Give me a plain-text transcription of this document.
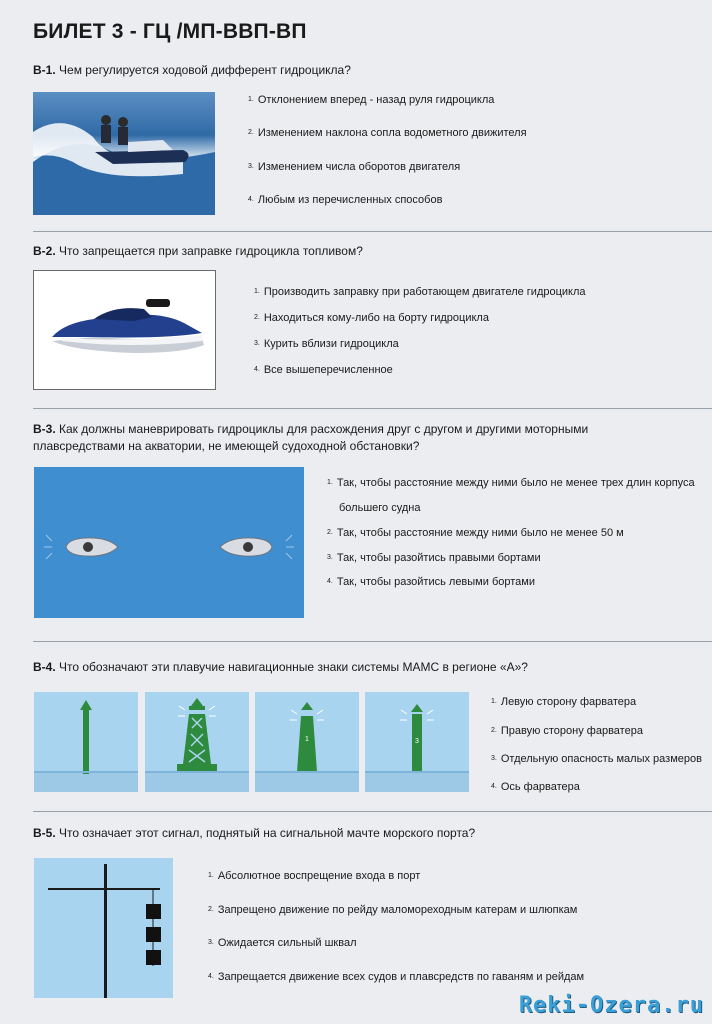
БИЛЕТ 3 - ГЦ /МП-ВВП-ВП
В-1. Чем регулируется ходовой дифферент гидроцикла?
$^{1.}$ Отклонением вперед - назад руля гидроцикла
$^{2.}$ Изменением наклона сопла водометного движителя
$^{3.}$ Изменением числа оборотов двигателя
$^{4.}$ Любым из перечисленных способов
В-2. Что запрещается при заправке гидроцикла топливом?
$^{1.}$ Производить заправку при работающем двигателе гидроцикла
$^{2.}$ Находиться кому-либо на борту гидроцикла
$^{3.}$ Курить вблизи гидроцикла
$^{4.}$ Все вышеперечисленное
В-3. Как должны маневрировать гидроциклы для расхождения друг с другом и другими моторными
плавсредствами на акватории, не имеющей судоходной обстановки?
$^{1.}$ Так, чтобы расстояние между ними было не менее трех длин корпуса
большего судна
$^{2.}$ Так, чтобы расстояние между ними было не менее 50 м
$^{3.}$ Так, чтобы разойтись правыми бортами
$^{4.}$ Так, чтобы разойтись левыми бортами
В-4. Что обозначают эти плавучие навигационные знаки системы МАМС в регионе «А»?
1	3
$^{1.}$ Левую сторону фарватера
$^{2.}$ Правую сторону фарватера
$^{3.}$ Отдельную опасность малых размеров
$^{4.}$ Ось фарватера
В-5. Что означает этот сигнал, поднятый на сигнальной мачте морского порта?
$^{1.}$ Абсолютное воспрещение входа в порт
$^{2.}$ Запрещено движение по рейду маломореходным катерам и шлюпкам
$^{3.}$ Ожидается сильный шквал
$^{4.}$ Запрещается движение всех судов и плавсредств по гаваням и рейдам
Reki-Ozera.ru
